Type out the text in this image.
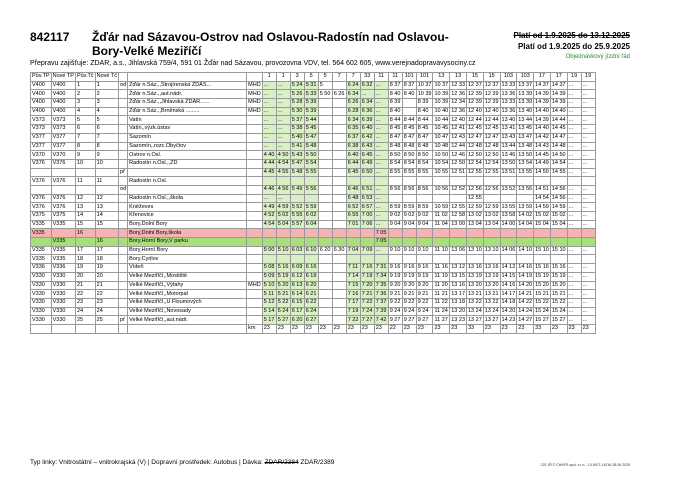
842117 Žďár nad Sázavou-Ostrov nad Oslavou-Radostín nad Oslavou-Bory-Velké Meziříčí
Platí od 1.9.2025 do 13.12.2025
Platí od 1.9.2025 do 25.9.2025
Objednávkový jízdní řád
Přepravu zajišťuje: ZDAR, a.s., Jihlavská 759/4, 591 01 Žďár nad Sázavou, provozovna VDV, tel. 564 602 605, www.verejnadopravavysociny.cz
Pův.TP	Nové TP	Pův.Tč	Nové Tč				1	1	3	5	5	7	7	33	11	11	101	101	13	13	15	15	103	103	17	17	19	19
V400	V400	1	1	od	Žďár n.Sáz.,,Strojírenská ŽĎAS...	MHD	...	...	5 24	5 31	5		6 24	6 32	...	8 37	8 37	10 37	10 37	12 33	12 37	12 37	13 33	13 37	14 37	14 37	...	...
V400	V400	2	2		Žďár n.Sáz.,,aut.nádr.	MHD	...	...	5 26	5 33	5 50	6 26	6 34	...	...	8 40	8 40	10 39	10 39	12 36	12 39	12 39	13 36	13 39	14 39	14 39	...	...
V400	V400	3	3		Žďár n.Sáz.,,Jihlavská ZDAR......	MHD	...	...	5 28	5 39			6 26	6 34	...	8 39		8 39	10 39	12 34	12 39	12 39	13 33	13 39	14 39	14 39	...	...
V400	V400	4	4		Žďár n.Sáz.,,Brněnská .........	MHD	...	...	5 30	5 39			6 28	6 36	...	8 40		8 40	10 40	12 36	12 40	12 40	13 36	13 40	14 40	14 40	...	...
V373	V373	5	5		Vatín		...	...	5 37	5 44			6 34	6 39	...	8 44	8 44	8 44	10 44	12 40	12 44	12 44	13 40	13 44	14 39	14 44	...	...
V373	V373	6	6		Vatín,,výzk.ústav		...	...	5 38	5 45			6 35	6 40	...	8 45	8 45	8 45	10 45	12 41	12 45	12 45	13 41	13 45	14 40	14 45	...	...
V377	V377	7	7		Sazomín		...	...	5 40	5 47			6 37	6 42	...	8 47	8 47	8 47	10 47	12 43	12 47	12 47	13 43	13 47	14 42	14 47	...	...
V377	V377	8	8		Sazomín,,rozc.Obyčtov		...	...	5 41	5 48			6 38	6 43	...	8 48	8 48	8 48	10 48	12 44	12 48	12 48	13 44	13 48	14 43	14 48	...	...
V370	V370	9	9		Ostrov n.Osl.		4 40	4 50	5 43	5 50			6 40	6 45	...	8 50	8 50	8 50	10 50	12 46	12 50	12 50	13 46	13 50	14 45	14 50	...	...
V376	V376	10	10		Radostín n.Osl.,,ŽD		4 44	4 54	5 47	5 54			6 44	6 49	...	8 54	8 54	8 54	10 54	12 50	12 54	12 54	13 50	13 54	14 49	14 54	...	...
				př			4 45	4 55	5 48	5 55			6 45	6 50	...	8 55	8 55	8 55	10 55	12 51	12 55	12 55	13 51	13 55	14 50	14 55	...	...
V376	V376	11	11		Radostín n.Osl.																							
				od			4 46	4 56	5 49	5 56			6 46	6 51	...	8 56	8 56	8 56	10 56	12 52	12 56	12 56	13 52	13 56	14 51	14 56	...	...
V376	V376	12	12		Radostín n.Osl.,,škola		...	...					6 48	6 53	...						12 55				14 54	14 56	...	...
V376	V376	13	13		Kněževes		4 49	4 59	5 52	5 59			6 52	6 57	...	8 59	8 59	8 59	10 59	12 55	12 59	12 59	13 55	13 59	14 59	14 59	...	...
V375	V375	14	14		Křenovice		4 52	5 02	5 55	6 02			6 55	7 00	...	9 02	9 02	9 02	11 02	12 58	13 02	13 02	13 58	14 02	15 02	15 02	...	...
V335	V335	15	15		Bory,Dolní Bory		4 54	5 04	5 57	6 04			7 01	7 06	...	9 04	9 04	9 04	11 04	13 00	13 04	13 04	14 00	14 04	15 04	15 04	...	...
V335		16			Bory,Dolní Bory,škola										7 05													
	V335		16		Bory,Horní Bory,V parku										7 05													
V335	V335	17	17		Bory,Horní Bory		5 00	5 10	6 03	6 10	6 20	6 30	7 04	7 09	...	9 10	9 10	9 10	11 10	13 06	13 10	13 10	14 06	14 10	15 10	15 10	...	...
V335	V335	18	18		Bory,Cyrilov																							
V336	V336	19	19		Vídeň		5 08	5 16	6 09	6 16			7 11	7 16	7 31	9 16	9 16	9 16	11 16	13 12	13 16	13 16	14 12	14 16	15 16	15 16	...	...
V330	V330	20	20		Velké Meziříčí,,Mostiště		5 09	5 19	6 12	6 19			7 14	7 19	7 34	9 19	9 19	9 19	11 19	13 15	13 19	13 19	14 15	14 19	15 19	15 19	...	...
V330	V330	21	21		Velké Meziříčí,,Výtahy	MHD	5 10	5 20	6 13	6 20			7 15	7 20	7 35	9 20	9 20	9 20	11 20	13 16	13 20	13 20	14 16	14 20	15 20	15 20	...	...
V330	V330	22	22		Velké Meziříčí,,Motorpal		5 11	5 21	6 14	6 21			7 16	7 21	7 36	9 21	9 21	9 21	11 21	13 17	13 21	13 21	14 17	14 21	15 21	15 21	...	...
V330	V330	23	23		Velké Meziříčí,,U Floumových		5 12	5 22	6 15	6 22			7 17	7 22	7 37	9 22	9 22	9 22	11 22	13 18	13 22	13 22	14 18	14 22	15 22	15 22	...	...
V330	V330	24	24		Velké Meziříčí,,Novosady		5 14	5 24	6 17	6 24			7 19	7 24	7 39	9 24	9 24	9 24	11 24	13 20	13 24	13 24	14 20	14 24	15 24	15 24	...	...
V330	V330	25	25	př	Velké Meziříčí,,aut.nádr.		5 17	5 27	6 20	6 27			7 22	7 27	7 42	9 27	9 27	9 27	11 27	13 23	13 27	13 27	14 23	14 27	15 27	15 27	...	...
						km	23	23	23	23	23	23	23	23	23	22	23	23	23	23	33	23	23	23	33	23	23	23
Typ linky: Vnitrostátní – vnitrokrajská (V) | Dopravní prostředek: Autobus | Dávka: ZDAR/2384 ZDAR/2389	CIS JŘ © CHAPS spol. s r.o., 1.0.8971.16746 28.09.2025
